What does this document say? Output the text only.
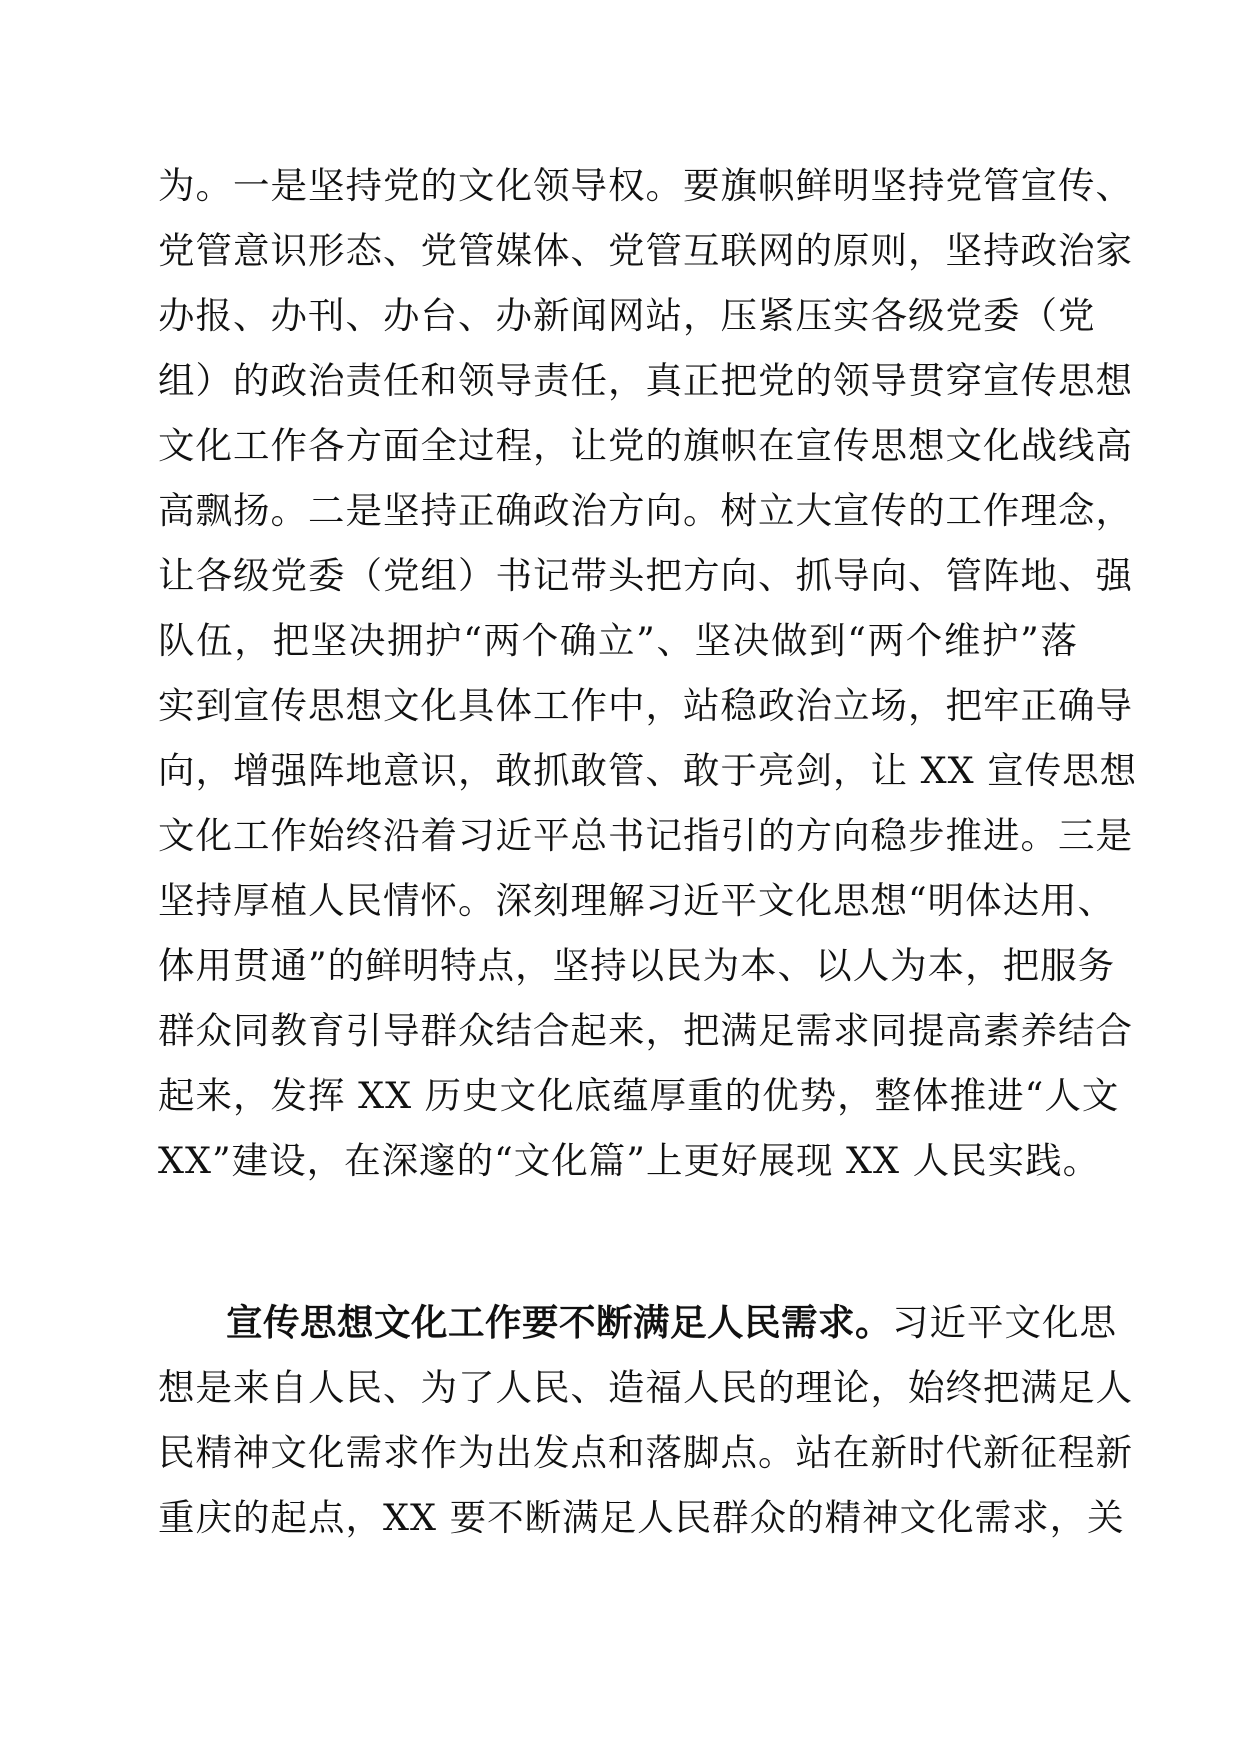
为。一是坚持党的文化领导权。要旗帜鲜明坚持党管宣传、
党管意识形态、党管媒体、党管互联网的原则，坚持政治家
办报、办刊、办台、办新闻网站，压紧压实各级党委（党
组）的政治责任和领导责任，真正把党的领导贯穿宣传思想
文化工作各方面全过程，让党的旗帜在宣传思想文化战线高
高飘扬。二是坚持正确政治方向。树立大宣传的工作理念，
让各级党委（党组）书记带头把方向、抓导向、管阵地、强
队伍，把坚决拥护“两个确立”、坚决做到“两个维护”落
实到宣传思想文化具体工作中，站稳政治立场，把牢正确导
向，增强阵地意识，敢抓敢管、敢于亮剑，让 XX 宣传思想
文化工作始终沿着习近平总书记指引的方向稳步推进。三是
坚持厚植人民情怀。深刻理解习近平文化思想“明体达用、
体用贯通”的鲜明特点，坚持以民为本、以人为本，把服务
群众同教育引导群众结合起来，把满足需求同提高素养结合
起来，发挥 XX 历史文化底蕴厚重的优势，整体推进“人文
XX”建设，在深邃的“文化篇”上更好展现 XX 人民实践。
宣传思想文化工作要不断满足人民需求。习近平文化思
想是来自人民、为了人民、造福人民的理论，始终把满足人
民精神文化需求作为出发点和落脚点。站在新时代新征程新
重庆的起点，XX 要不断满足人民群众的精神文化需求，关
